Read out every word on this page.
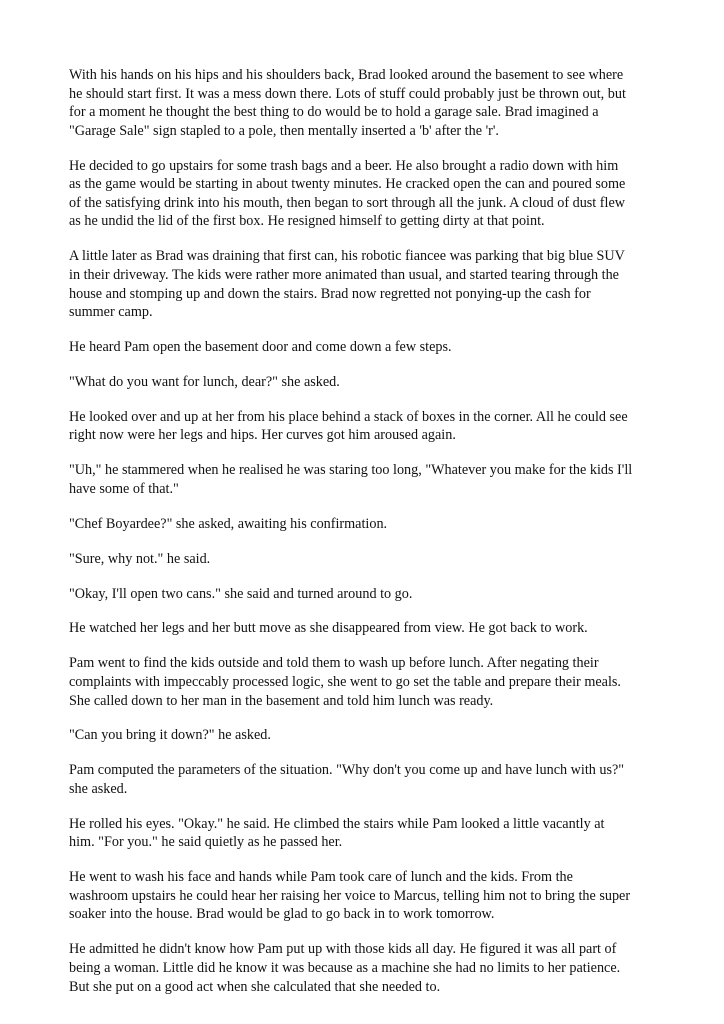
With his hands on his hips and his shoulders back, Brad looked around the basement to see where
he should start first. It was a mess down there. Lots of stuff could probably just be thrown out, but
for a moment he thought the best thing to do would be to hold a garage sale. Brad imagined a
"Garage Sale" sign stapled to a pole, then mentally inserted a 'b' after the 'r'.

He decided to go upstairs for some trash bags and a beer. He also brought a radio down with him
as the game would be starting in about twenty minutes. He cracked open the can and poured some
of the satisfying drink into his mouth, then began to sort through all the junk. A cloud of dust flew
as he undid the lid of the first box. He resigned himself to getting dirty at that point.

A little later as Brad was draining that first can, his robotic fiancee was parking that big blue SUV
in their driveway. The kids were rather more animated than usual, and started tearing through the
house and stomping up and down the stairs. Brad now regretted not ponying-up the cash for
summer camp.

He heard Pam open the basement door and come down a few steps.

"What do you want for lunch, dear?" she asked.

He looked over and up at her from his place behind a stack of boxes in the corner. All he could see
right now were her legs and hips. Her curves got him aroused again.

"Uh," he stammered when he realised he was staring too long, "Whatever you make for the kids I'll
have some of that."

"Chef Boyardee?" she asked, awaiting his confirmation.

"Sure, why not." he said.

"Okay, I'll open two cans." she said and turned around to go.

He watched her legs and her butt move as she disappeared from view. He got back to work.

Pam went to find the kids outside and told them to wash up before lunch. After negating their
complaints with impeccably processed logic, she went to go set the table and prepare their meals.
She called down to her man in the basement and told him lunch was ready.

"Can you bring it down?" he asked.

Pam computed the parameters of the situation. "Why don't you come up and have lunch with us?"
she asked.

He rolled his eyes. "Okay." he said. He climbed the stairs while Pam looked a little vacantly at
him. "For you." he said quietly as he passed her.

He went to wash his face and hands while Pam took care of lunch and the kids. From the
washroom upstairs he could hear her raising her voice to Marcus, telling him not to bring the super
soaker into the house. Brad would be glad to go back in to work tomorrow.

He admitted he didn't know how Pam put up with those kids all day. He figured it was all part of
being a woman. Little did he know it was because as a machine she had no limits to her patience.
But she put on a good act when she calculated that she needed to.
